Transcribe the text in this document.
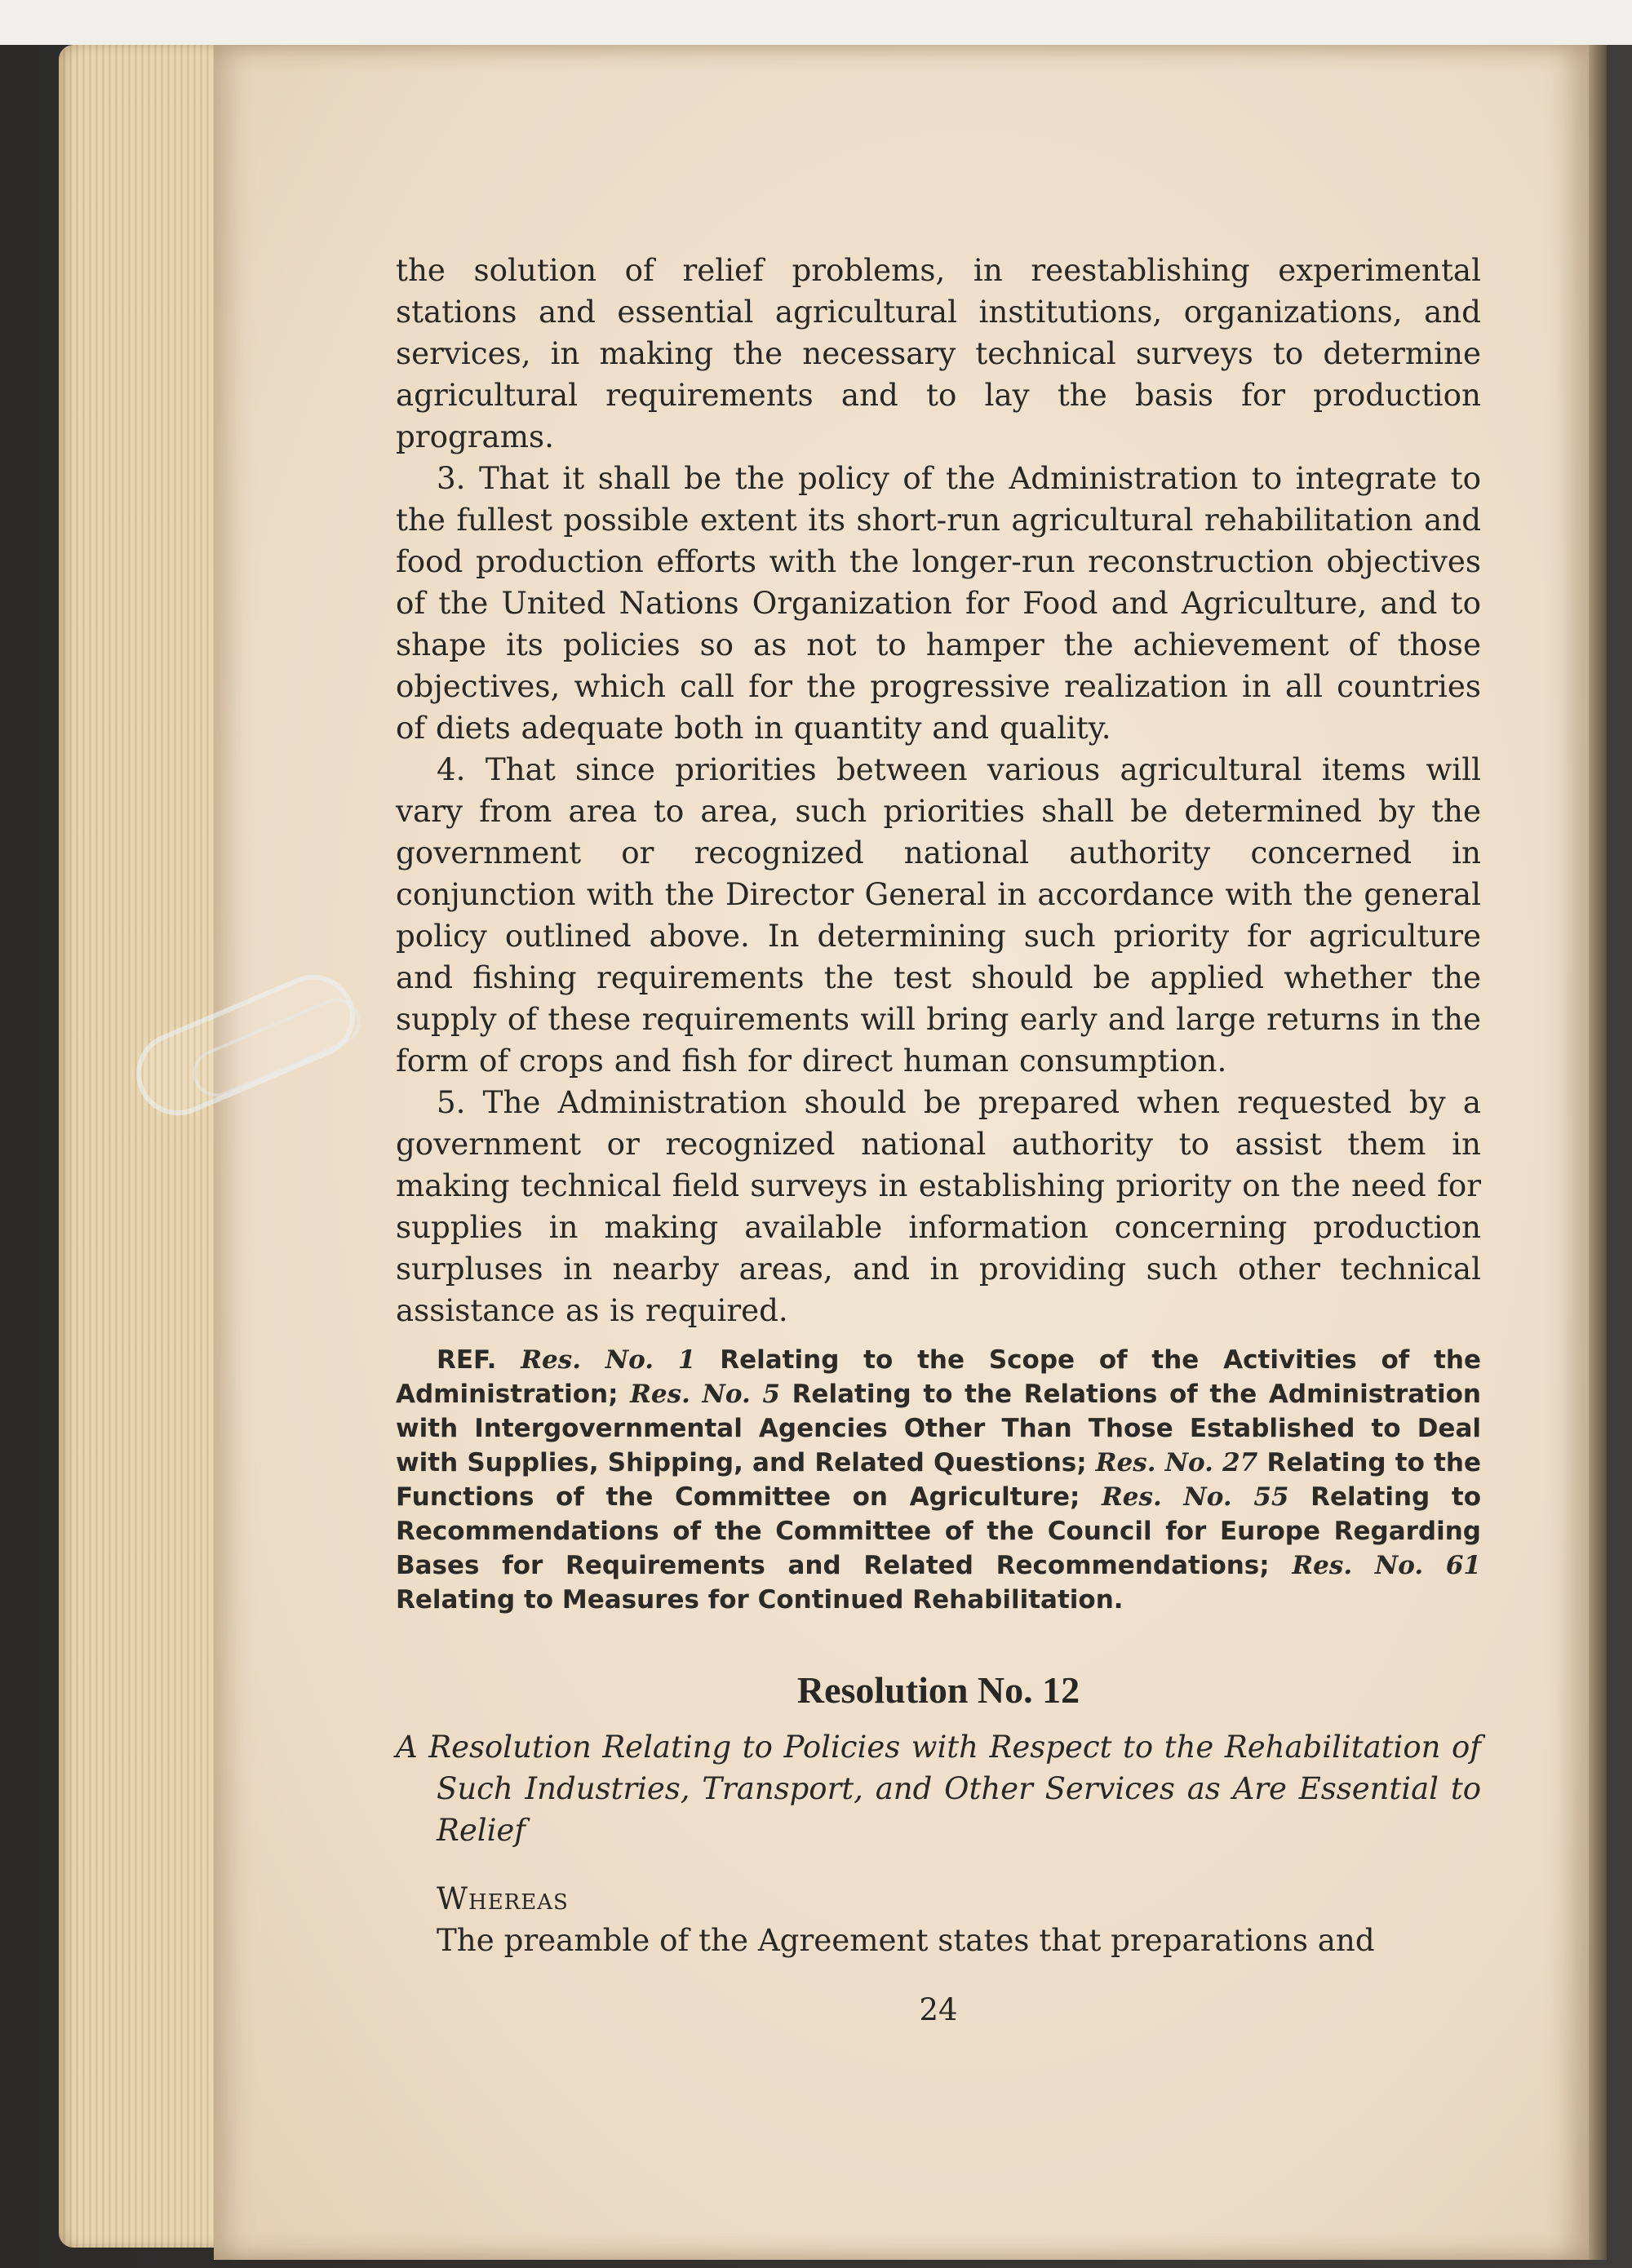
the solution of relief problems, in reestablishing experimental stations and essential agricultural institutions, organizations, and services, in making the necessary technical surveys to determine agricultural requirements and to lay the basis for production programs.

3. That it shall be the policy of the Administration to integrate to the fullest possible extent its short-run agricultural rehabilitation and food production efforts with the longer-run reconstruction objectives of the United Nations Organization for Food and Agriculture, and to shape its policies so as not to hamper the achievement of those objectives, which call for the progressive realization in all countries of diets adequate both in quantity and quality.

4. That since priorities between various agricultural items will vary from area to area, such priorities shall be determined by the government or recognized national authority concerned in conjunction with the Director General in accordance with the general policy outlined above. In determining such priority for agriculture and fishing requirements the test should be applied whether the supply of these requirements will bring early and large returns in the form of crops and fish for direct human consumption.

5. The Administration should be prepared when requested by a government or recognized national authority to assist them in making technical field surveys in establishing priority on the need for supplies in making available information concerning production surpluses in nearby areas, and in providing such other technical assistance as is required.

REF. Res. No. 1 Relating to the Scope of the Activities of the Administration; Res. No. 5 Relating to the Relations of the Administration with Intergovernmental Agencies Other Than Those Established to Deal with Supplies, Shipping, and Related Questions; Res. No. 27 Relating to the Functions of the Committee on Agriculture; Res. No. 55 Relating to Recommendations of the Committee of the Council for Europe Regarding Bases for Requirements and Related Recommendations; Res. No. 61 Relating to Measures for Continued Rehabilitation.

Resolution No. 12

A Resolution Relating to Policies with Respect to the Rehabilitation of Such Industries, Transport, and Other Services as Are Essential to Relief

Whereas

The preamble of the Agreement states that preparations and

24
